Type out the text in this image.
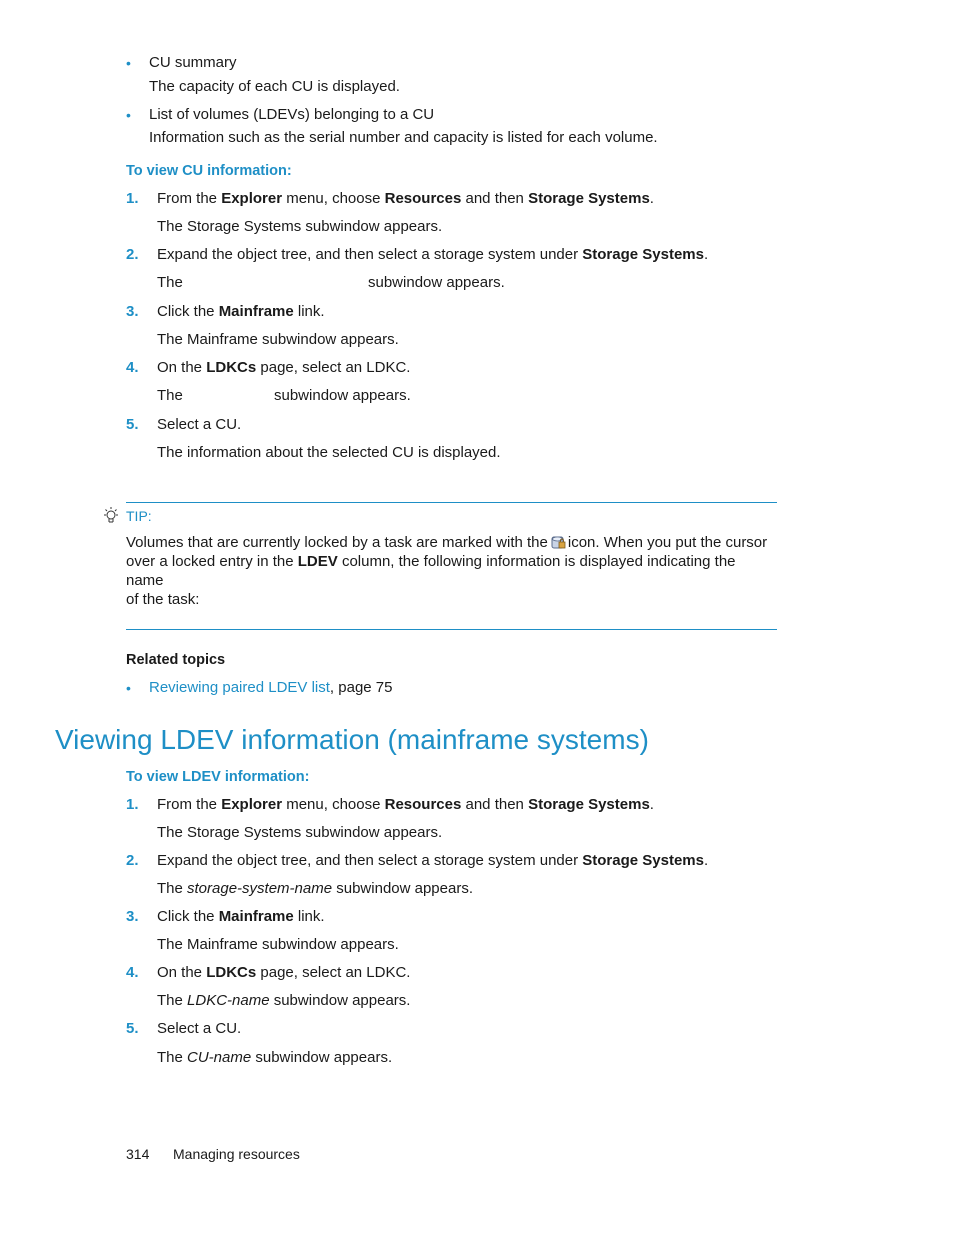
• CU summary
The capacity of each CU is displayed.
• List of volumes (LDEVs) belonging to a CU
Information such as the serial number and capacity is listed for each volume.
To view CU information:
1. From the Explorer menu, choose Resources and then Storage Systems.
The Storage Systems subwindow appears.
2. Expand the object tree, and then select a storage system under Storage Systems.
The	subwindow appears.
3. Click the Mainframe link.
The Mainframe subwindow appears.
4. On the LDKCs page, select an LDKC.
The	subwindow appears.
5. Select a CU.
The information about the selected CU is displayed.
TIP:
Volumes that are currently locked by a task are marked with the icon. When you put the cursor
over a locked entry in the LDEV column, the following information is displayed indicating the name
of the task:
Related topics
• Reviewing paired LDEV list, page 75
Viewing LDEV information (mainframe systems)
To view LDEV information:
1. From the Explorer menu, choose Resources and then Storage Systems.
The Storage Systems subwindow appears.
2. Expand the object tree, and then select a storage system under Storage Systems.
The storage-system-name subwindow appears.
3. Click the Mainframe link.
The Mainframe subwindow appears.
4. On the LDKCs page, select an LDKC.
The LDKC-name subwindow appears.
5. Select a CU.
The CU-name subwindow appears.
314 Managing resources
